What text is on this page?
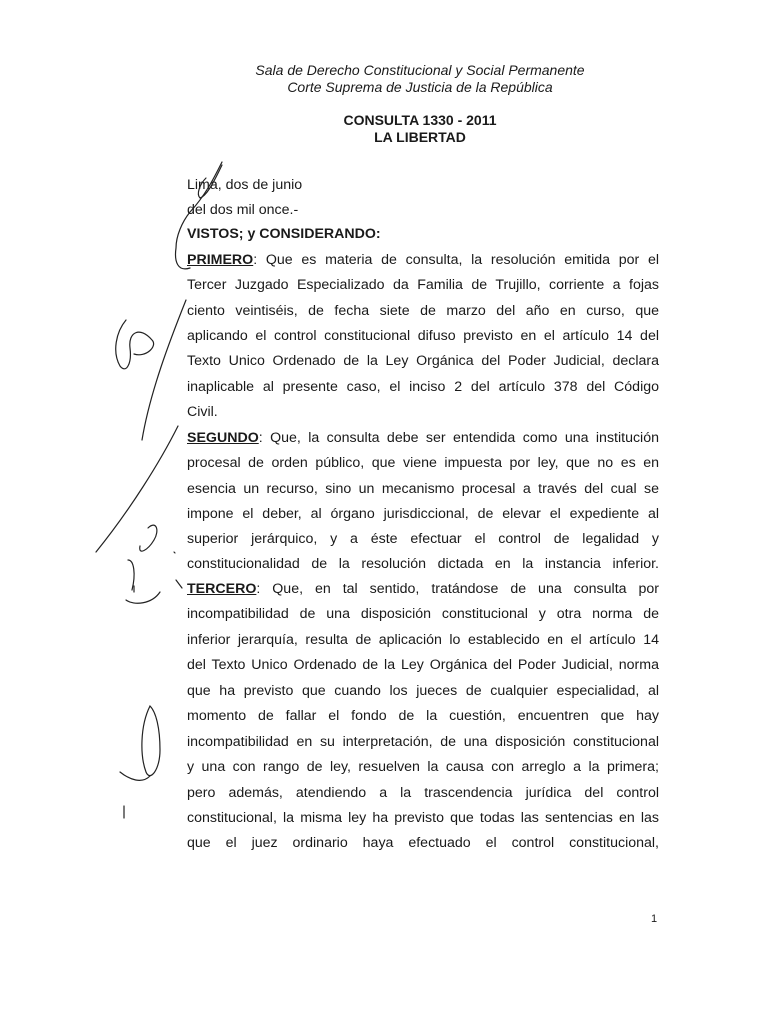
Sala de Derecho Constitucional y Social Permanente
Corte Suprema de Justicia de la República
CONSULTA 1330 - 2011
LA LIBERTAD
Lima, dos de junio
del dos mil once.-
VISTOS; y CONSIDERANDO:
PRIMERO: Que es materia de consulta, la resolución emitida por el
Tercer Juzgado Especializado da Familia de Trujillo, corriente a fojas
ciento veintiséis, de fecha siete de marzo del año en curso, que
aplicando el control constitucional difuso previsto en el artículo 14 del
Texto Unico Ordenado de la Ley Orgánica del Poder Judicial, declara
inaplicable al presente caso, el inciso 2 del artículo 378 del Código
Civil.
SEGUNDO: Que, la consulta debe ser entendida como una institución
procesal de orden público, que viene impuesta por ley, que no es en
esencia un recurso, sino un mecanismo procesal a través del cual se
impone el deber, al órgano jurisdiccional, de elevar el expediente al
superior jerárquico, y a éste efectuar el control de legalidad y
constitucionalidad de la resolución dictada en la instancia inferior.
TERCERO: Que, en tal sentido, tratándose de una consulta por
incompatibilidad de una disposición constitucional y otra norma de
inferior jerarquía, resulta de aplicación lo establecido en el artículo 14
del Texto Unico Ordenado de la Ley Orgánica del Poder Judicial, norma
que ha previsto que cuando los jueces de cualquier especialidad, al
momento de fallar el fondo de la cuestión, encuentren que hay
incompatibilidad en su interpretación, de una disposición constitucional
y una con rango de ley, resuelven la causa con arreglo a la primera;
pero además, atendiendo a la trascendencia jurídica del control
constitucional, la misma ley ha previsto que todas las sentencias en las
que el juez ordinario haya efectuado el control constitucional,
1
